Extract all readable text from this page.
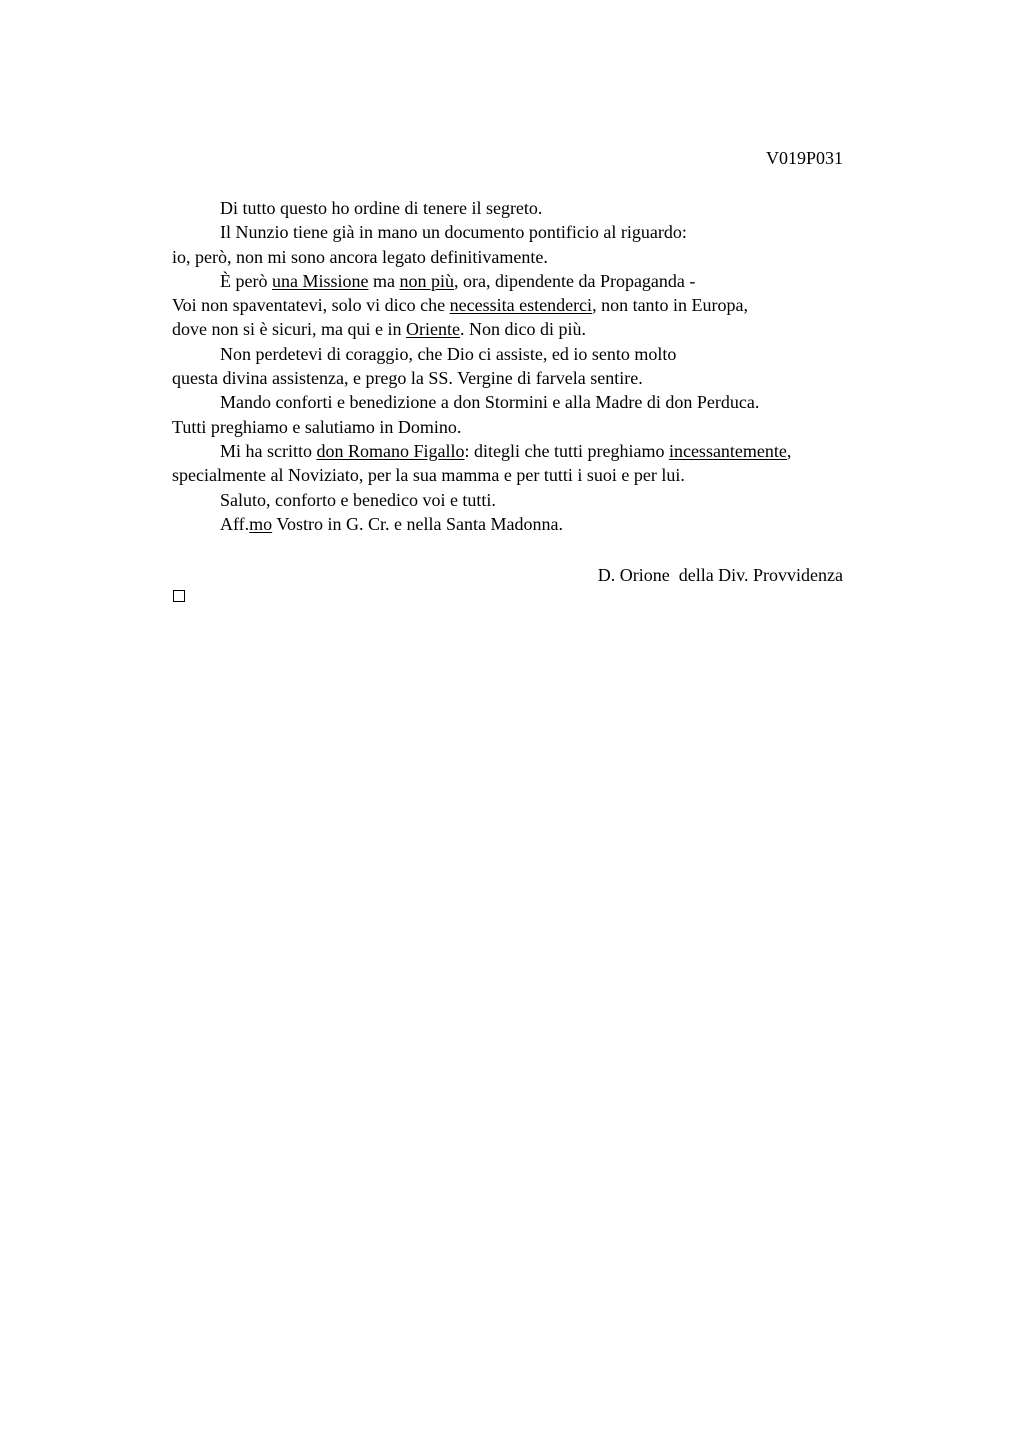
V019P031
Di tutto questo ho ordine di tenere il segreto.
Il Nunzio tiene già in mano un documento pontificio al riguardo:
io, però, non mi sono ancora legato definitivamente.
È però una Missione ma non più, ora, dipendente da Propaganda -
Voi non spaventatevi, solo vi dico che necessita estenderci, non tanto in Europa,
dove non si è sicuri, ma qui e in Oriente. Non dico di più.
Non perdetevi di coraggio, che Dio ci assiste, ed io sento molto
questa divina assistenza, e prego la SS. Vergine di farvela sentire.
Mando conforti e benedizione a don Stormini e alla Madre di don Perduca.
Tutti preghiamo e salutiamo in Domino.
Mi ha scritto don Romano Figallo: ditegli che tutti preghiamo incessantemente,
specialmente al Noviziato, per la sua mamma e per tutti i suoi e per lui.
Saluto, conforto e benedico voi e tutti.
Aff.mo Vostro in G. Cr. e nella Santa Madonna.
D. Orione  della Div. Provvidenza
